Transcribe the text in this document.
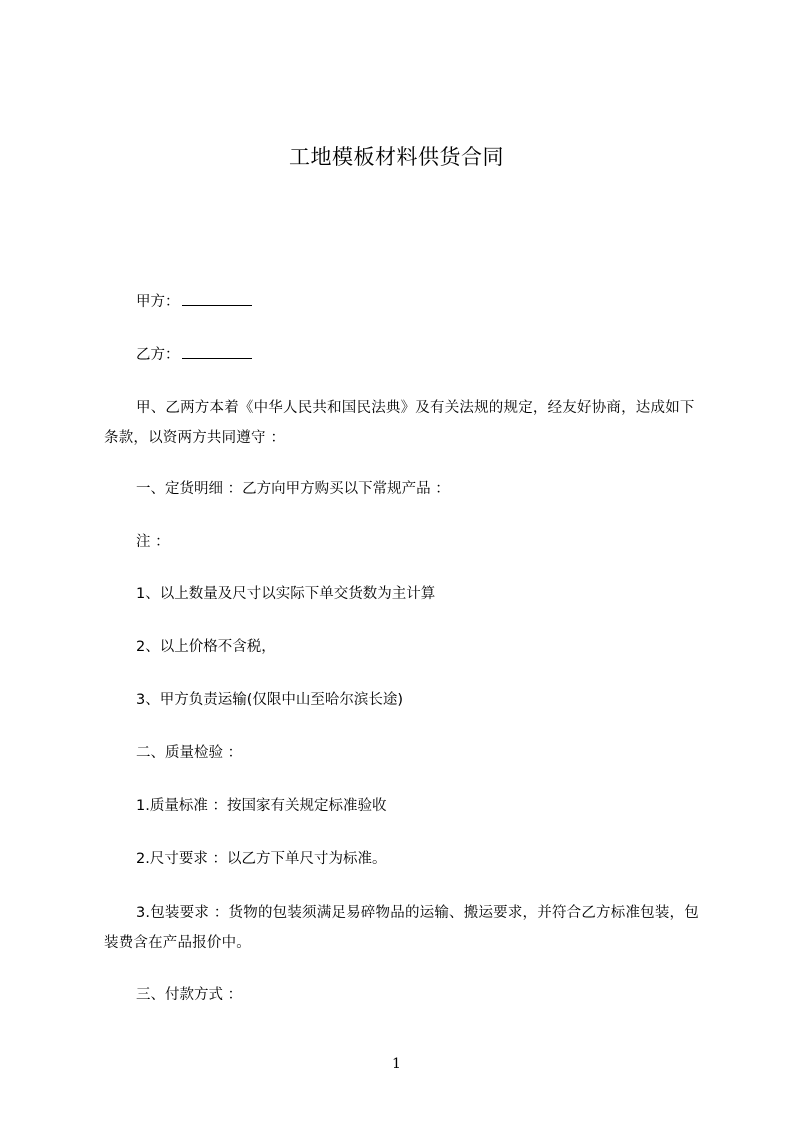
工地模板材料供货合同
甲方：
乙方：
甲、乙两方本着《中华人民共和国民法典》及有关法规的规定，经友好协商，达成如下条款，以资两方共同遵守 ：
一、定货明细 ：乙方向甲方购买以下常规产品 ：
注 ：
1、以上数量及尺寸以实际下单交货数为主计算
2、以上价格不含税，
3、甲方负责运输(仅限中山至哈尔滨长途)
二、质量检验 ：
1.质量标准 ：按国家有关规定标准验收
2.尺寸要求 ：以乙方下单尺寸为标准。
3.包装要求 ：货物的包装须满足易碎物品的运输、搬运要求，并符合乙方标准包装，包装费含在产品报价中。
三、付款方式 ：
1
